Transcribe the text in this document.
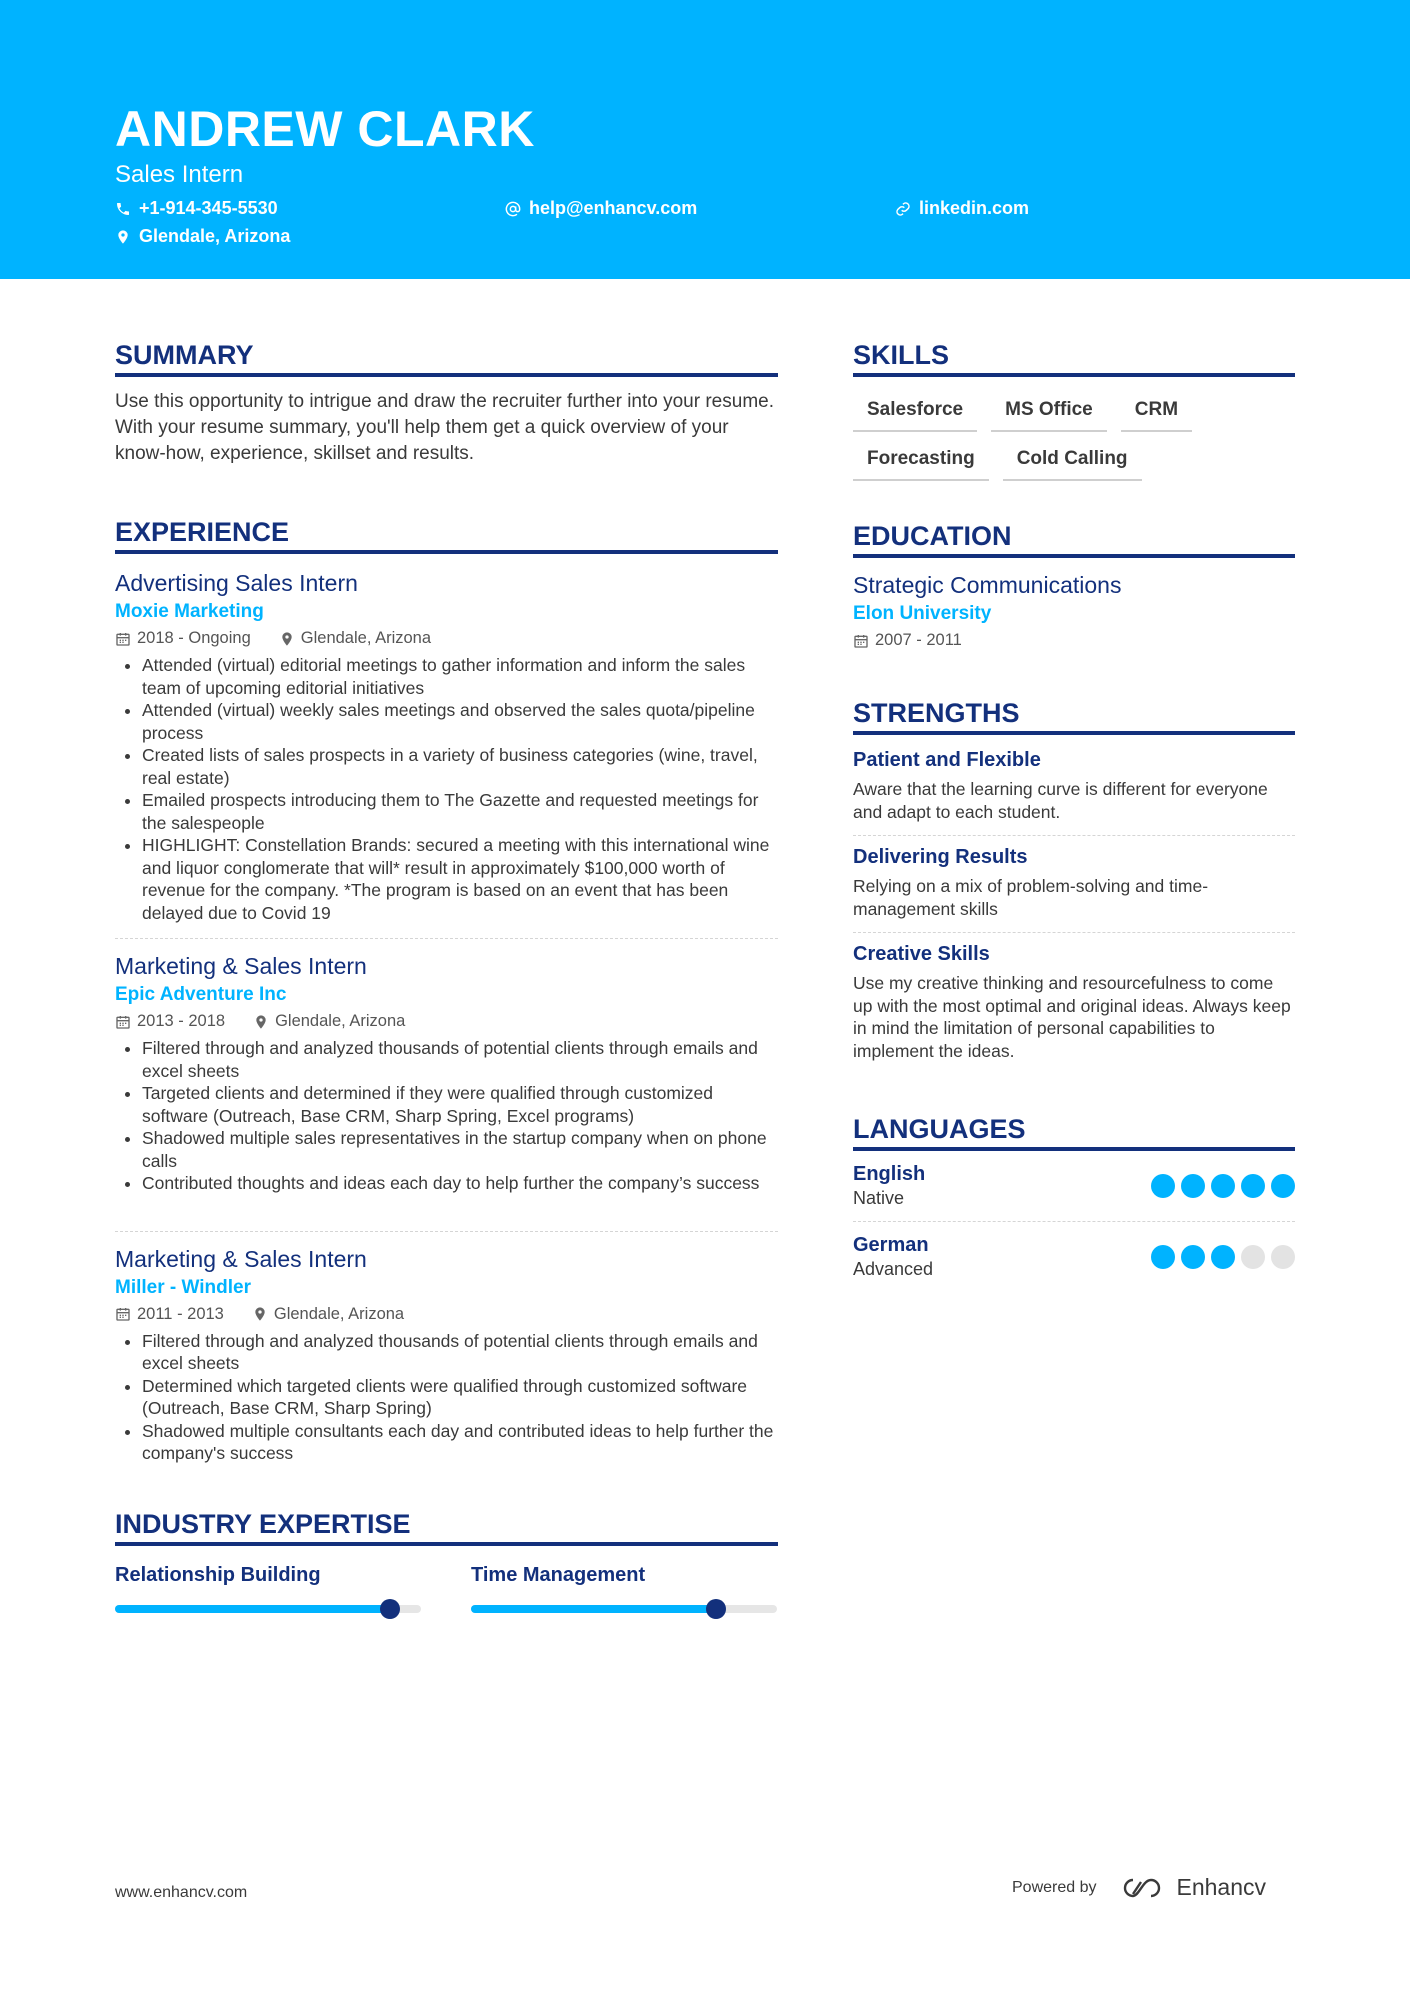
ANDREW CLARK
Sales Intern
+1-914-345-5530	help@enhancv.com	linkedin.com
Glendale, Arizona
SUMMARY
Use this opportunity to intrigue and draw the recruiter further into your resume. With your resume summary, you'll help them get a quick overview of your know-how, experience, skillset and results.
EXPERIENCE
Advertising Sales Intern
Moxie Marketing
2018 - Ongoing	Glendale, Arizona
• Attended (virtual) editorial meetings to gather information and inform the sales team of upcoming editorial initiatives
• Attended (virtual) weekly sales meetings and observed the sales quota/pipeline process
• Created lists of sales prospects in a variety of business categories (wine, travel, real estate)
• Emailed prospects introducing them to The Gazette and requested meetings for the salespeople
• HIGHLIGHT: Constellation Brands: secured a meeting with this international wine and liquor conglomerate that will* result in approximately $100,000 worth of revenue for the company. *The program is based on an event that has been delayed due to Covid 19
Marketing & Sales Intern
Epic Adventure Inc
2013 - 2018	Glendale, Arizona
• Filtered through and analyzed thousands of potential clients through emails and excel sheets
• Targeted clients and determined if they were qualified through customized software (Outreach, Base CRM, Sharp Spring, Excel programs)
• Shadowed multiple sales representatives in the startup company when on phone calls
• Contributed thoughts and ideas each day to help further the company’s success
Marketing & Sales Intern
Miller - Windler
2011 - 2013	Glendale, Arizona
• Filtered through and analyzed thousands of potential clients through emails and excel sheets
• Determined which targeted clients were qualified through customized software (Outreach, Base CRM, Sharp Spring)
• Shadowed multiple consultants each day and contributed ideas to help further the company's success
INDUSTRY EXPERTISE
Relationship Building	Time Management
SKILLS
Salesforce	MS Office	CRM
Forecasting	Cold Calling
EDUCATION
Strategic Communications
Elon University
2007 - 2011
STRENGTHS
Patient and Flexible
Aware that the learning curve is different for everyone and adapt to each student.
Delivering Results
Relying on a mix of problem-solving and time-management skills
Creative Skills
Use my creative thinking and resourcefulness to come up with the most optimal and original ideas. Always keep in mind the limitation of personal capabilities to implement the ideas.
LANGUAGES
English
Native
German
Advanced
www.enhancv.com	Powered by	Enhancv
